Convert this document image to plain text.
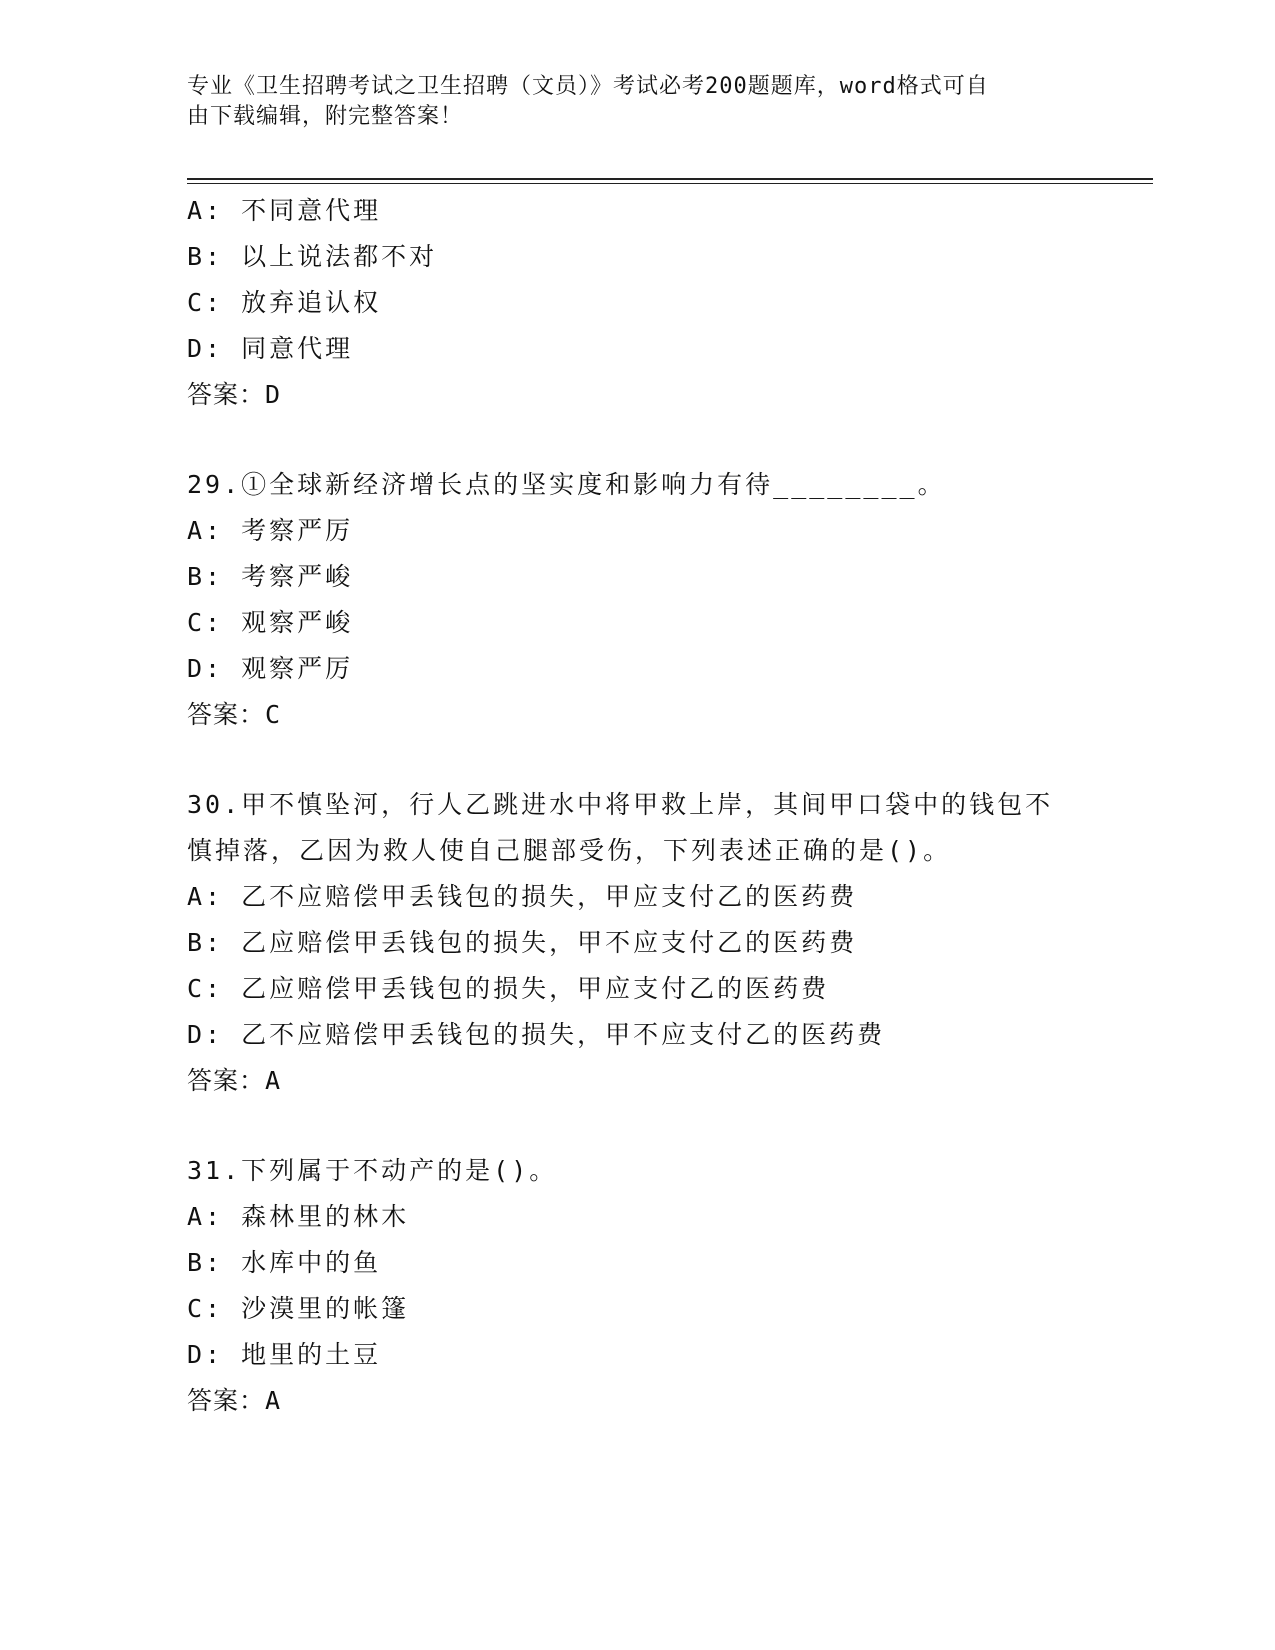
专业《卫生招聘考试之卫生招聘（文员）》考试必考200题题库，word格式可自
由下载编辑，附完整答案！
A: 不同意代理
B: 以上说法都不对
C: 放弃追认权
D: 同意代理
答案：D
29.①全球新经济增长点的坚实度和影响力有待________。
A: 考察严厉
B: 考察严峻
C: 观察严峻
D: 观察严厉
答案：C
30.甲不慎坠河，行人乙跳进水中将甲救上岸，其间甲口袋中的钱包不
慎掉落，乙因为救人使自己腿部受伤，下列表述正确的是()。
A: 乙不应赔偿甲丢钱包的损失，甲应支付乙的医药费
B: 乙应赔偿甲丢钱包的损失，甲不应支付乙的医药费
C: 乙应赔偿甲丢钱包的损失，甲应支付乙的医药费
D: 乙不应赔偿甲丢钱包的损失，甲不应支付乙的医药费
答案：A
31.下列属于不动产的是()。
A: 森林里的林木
B: 水库中的鱼
C: 沙漠里的帐篷
D: 地里的土豆
答案：A
